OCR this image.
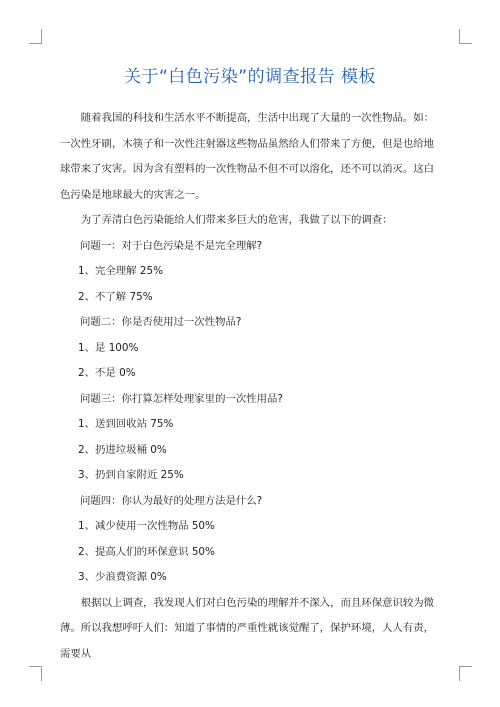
关于“白色污染”的调查报告 模板

随着我国的科技和生活水平不断提高，生活中出现了大量的一次性物品。如：一次性牙刷，木筷子和一次性注射器这些物品虽然给人们带来了方便，但是也给地球带来了灾害。因为含有塑料的一次性物品不但不可以溶化，还不可以消灭。这白色污染是地球最大的灾害之一。

为了弄清白色污染能给人们带来多巨大的危害，我做了以下的调查：

问题一：对于白色污染是不是完全理解?

1、完全理解 25%

2、不了解 75%

问题二：你是否使用过一次性物品?

1、是 100%

2、不是 0%

问题三：你打算怎样处理家里的一次性用品?

1、送到回收站 75%

2、扔进垃圾桶 0%

3、扔到自家附近 25%

问题四：你认为最好的处理方法是什么?

1、减少使用一次性物品 50%

2、提高人们的环保意识 50%

3、少浪费资源 0%

根据以上调查，我发现人们对白色污染的理解并不深入，而且环保意识较为微薄。所以我想呼吁人们：知道了事情的严重性就该觉醒了，保护环境，人人有责，需要从
